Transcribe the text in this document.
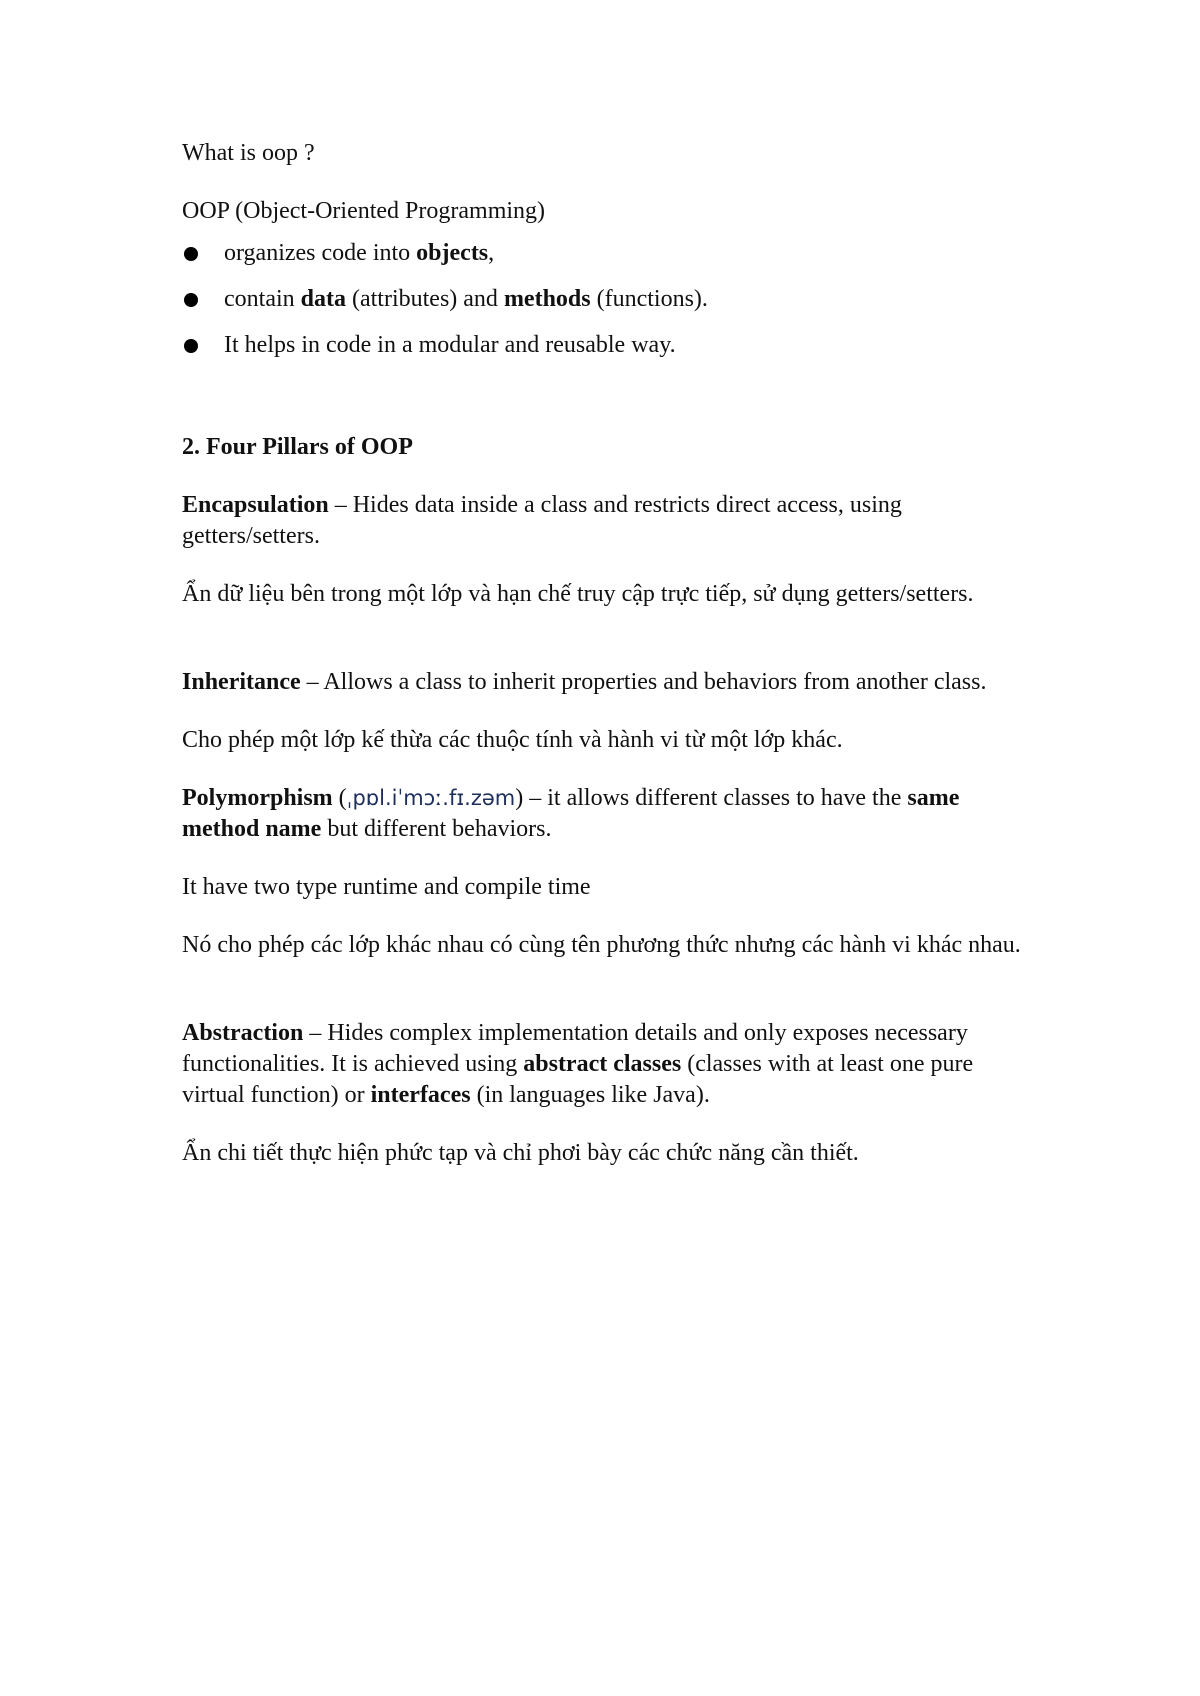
What is oop ?

OOP (Object-Oriented Programming)

organizes code into objects,
contain data (attributes) and methods (functions).
It helps in code in a modular and reusable way.

2. Four Pillars of OOP

Encapsulation – Hides data inside a class and restricts direct access, using getters/setters.

Ẩn dữ liệu bên trong một lớp và hạn chế truy cập trực tiếp, sử dụng getters/setters.

Inheritance – Allows a class to inherit properties and behaviors from another class.

Cho phép một lớp kế thừa các thuộc tính và hành vi từ một lớp khác.

Polymorphism (ˌpɒl.iˈmɔː.fɪ.zəm) – it allows different classes to have the same method name but different behaviors.

It have two type runtime and compile time

Nó cho phép các lớp khác nhau có cùng tên phương thức nhưng các hành vi khác nhau.

Abstraction – Hides complex implementation details and only exposes necessary functionalities. It is achieved using abstract classes (classes with at least one pure virtual function) or interfaces (in languages like Java).

Ẩn chi tiết thực hiện phức tạp và chỉ phơi bày các chức năng cần thiết.
